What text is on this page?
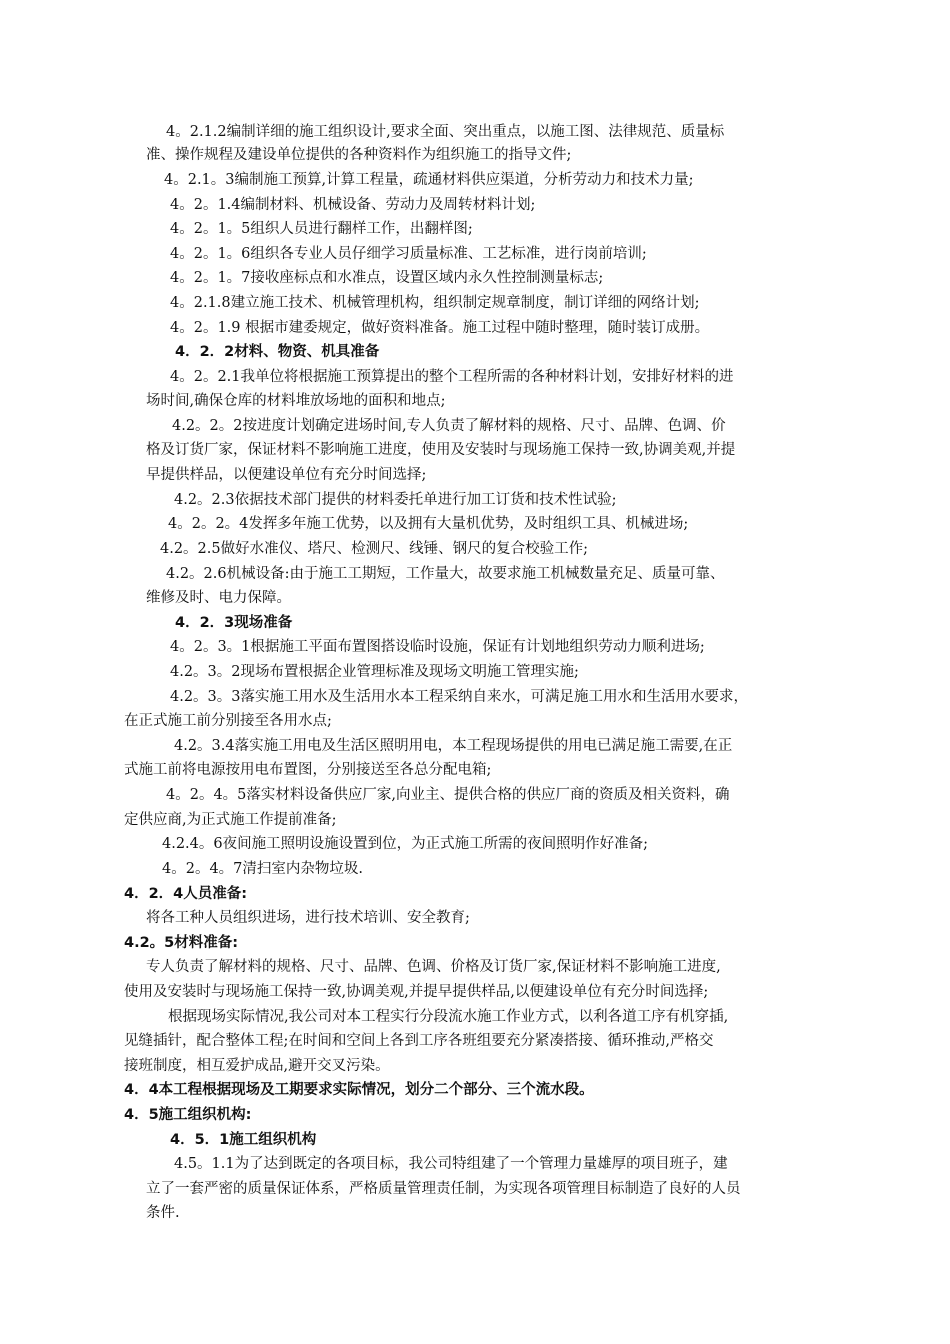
4。2.1.2编制详细的施工组织设计,要求全面、突出重点，以施工图、法律规范、质量标
准、操作规程及建设单位提供的各种资料作为组织施工的指导文件;
4。2.1。3编制施工预算,计算工程量，疏通材料供应渠道，分析劳动力和技术力量;
4。2。1.4编制材料、机械设备、劳动力及周转材料计划;
4。2。1。5组织人员进行翻样工作，出翻样图;
4。2。1。6组织各专业人员仔细学习质量标准、工艺标准，进行岗前培训;
4。2。1。7接收座标点和水准点，设置区域内永久性控制测量标志;
4。2.1.8建立施工技术、机械管理机构，组织制定规章制度，制订详细的网络计划;
4。2。1.9 根据市建委规定，做好资料准备。施工过程中随时整理，随时装订成册。
4．2．2材料、物资、机具准备
4。2。2.1我单位将根据施工预算提出的整个工程所需的各种材料计划，安排好材料的进
场时间,确保仓库的材料堆放场地的面积和地点;
4.2。2。2按进度计划确定进场时间,专人负责了解材料的规格、尺寸、品牌、色调、价
格及订货厂家，保证材料不影响施工进度，使用及安装时与现场施工保持一致,协调美观,并提
早提供样品，以便建设单位有充分时间选择;
4.2。2.3依据技术部门提供的材料委托单进行加工订货和技术性试验;
4。2。2。4发挥多年施工优势，以及拥有大量机优势，及时组织工具、机械进场;
4.2。2.5做好水准仪、塔尺、检测尺、线锤、钢尺的复合校验工作;
4.2。2.6机械设备:由于施工工期短，工作量大，故要求施工机械数量充足、质量可靠、
维修及时、电力保障。
4．2．3现场准备
4。2。3。1根据施工平面布置图搭设临时设施，保证有计划地组织劳动力顺利进场;
4.2。3。2现场布置根据企业管理标准及现场文明施工管理实施;
4.2。3。3落实施工用水及生活用水本工程采纳自来水，可满足施工用水和生活用水要求，
在正式施工前分别接至各用水点;
4.2。3.4落实施工用电及生活区照明用电，本工程现场提供的用电已满足施工需要,在正
式施工前将电源按用电布置图，分别接送至各总分配电箱;
4。2。4。5落实材料设备供应厂家,向业主、提供合格的供应厂商的资质及相关资料，确
定供应商,为正式施工作提前准备;
4.2.4。6夜间施工照明设施设置到位，为正式施工所需的夜间照明作好准备;
4。2。4。7清扫室内杂物垃圾.
4．2．4人员准备:
将各工种人员组织进场，进行技术培训、安全教育;
4.2。5材料准备:
专人负责了解材料的规格、尺寸、品牌、色调、价格及订货厂家,保证材料不影响施工进度,
使用及安装时与现场施工保持一致,协调美观,并提早提供样品,以便建设单位有充分时间选择;
根据现场实际情况,我公司对本工程实行分段流水施工作业方式，以利各道工序有机穿插,
见缝插针，配合整体工程;在时间和空间上各到工序各班组要充分紧凑搭接、循环推动,严格交
接班制度，相互爱护成品,避开交叉污染。
4．4本工程根据现场及工期要求实际情况，划分二个部分、三个流水段。
4．5施工组织机构:
4．5．1施工组织机构
4.5。1.1为了达到既定的各项目标，我公司特组建了一个管理力量雄厚的项目班子，建
立了一套严密的质量保证体系，严格质量管理责任制，为实现各项管理目标制造了良好的人员
条件.
